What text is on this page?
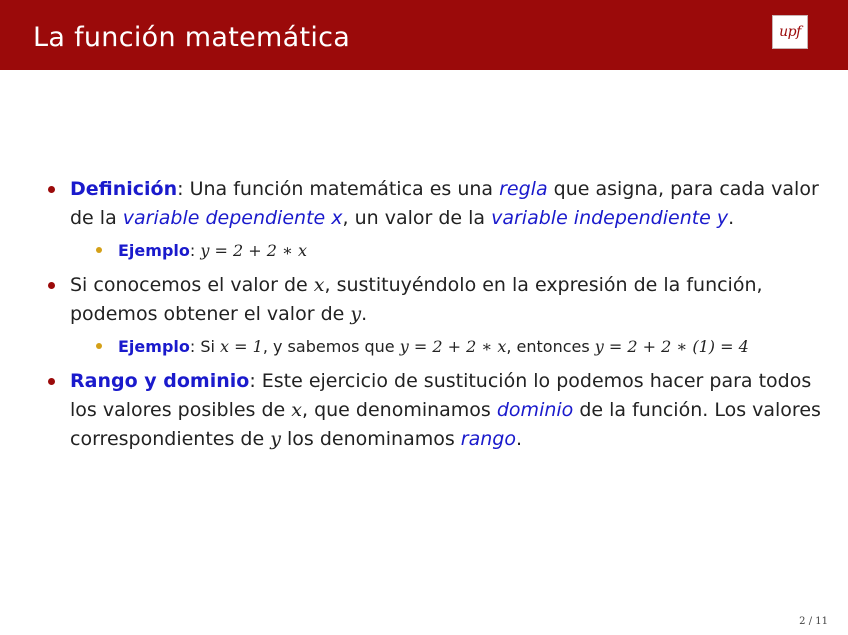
La función matemática	upf
Definición: Una función matemática es una regla que asigna, para cada valor de la variable dependiente x, un valor de la variable independiente y.
Ejemplo: y = 2 + 2 ∗ x
Si conocemos el valor de x, sustituyéndolo en la expresión de la función, podemos obtener el valor de y.
Ejemplo: Si x = 1, y sabemos que y = 2 + 2 ∗ x, entonces y = 2 + 2 ∗ (1) = 4
Rango y dominio: Este ejercicio de sustitución lo podemos hacer para todos los valores posibles de x, que denominamos dominio de la función. Los valores correspondientes de y los denominamos rango.
2 / 11
